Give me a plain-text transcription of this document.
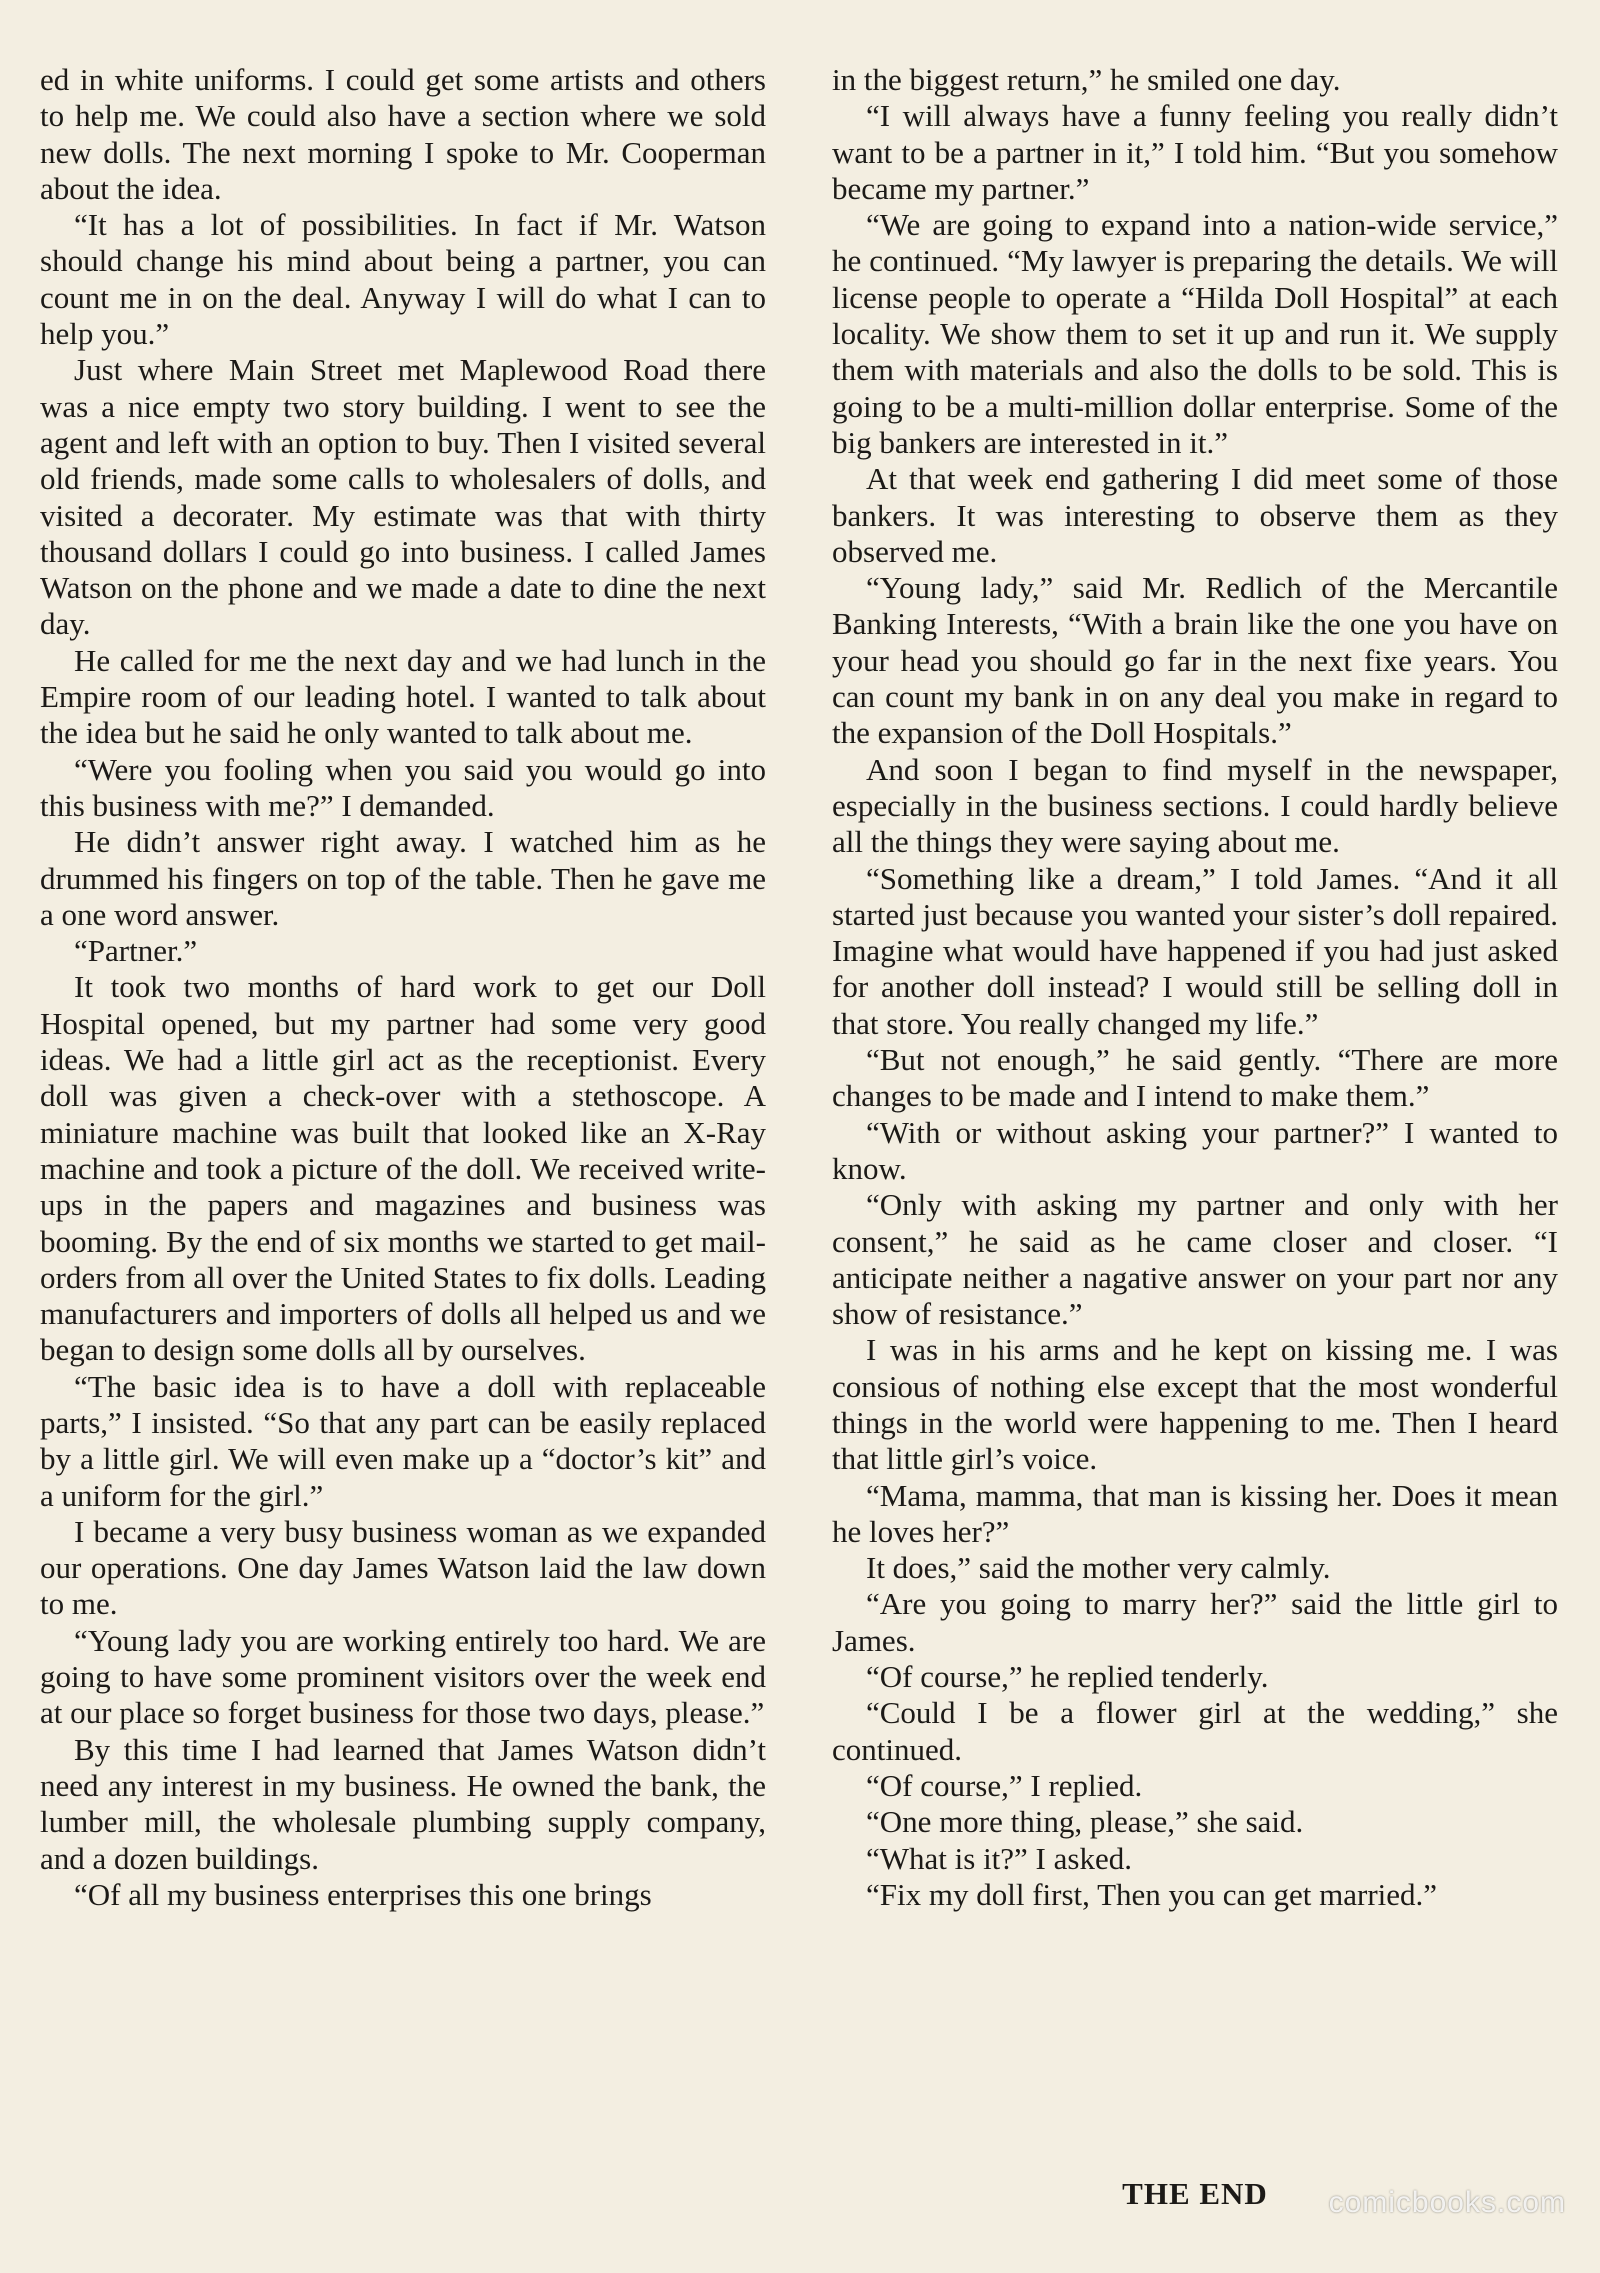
ed in white uniforms. I could get some artists and others to help me. We could also have a section where we sold new dolls. The next morning I spoke to Mr. Cooperman about the idea.

“It has a lot of possibilities. In fact if Mr. Watson should change his mind about being a partner, you can count me in on the deal. Anyway I will do what I can to help you.”

Just where Main Street met Maplewood Road there was a nice empty two story building. I went to see the agent and left with an option to buy. Then I visited several old friends, made some calls to wholesalers of dolls, and visited a decorater. My estimate was that with thirty thousand dollars I could go into business. I called James Watson on the phone and we made a date to dine the next day.

He called for me the next day and we had lunch in the Empire room of our leading hotel. I wanted to talk about the idea but he said he only wanted to talk about me.

“Were you fooling when you said you would go into this business with me?” I demanded.

He didn’t answer right away. I watched him as he drummed his fingers on top of the table. Then he gave me a one word answer.

“Partner.”

It took two months of hard work to get our Doll Hospital opened, but my partner had some very good ideas. We had a little girl act as the receptionist. Every doll was given a check-over with a stethoscope. A miniature machine was built that looked like an X-Ray machine and took a picture of the doll. We received write-ups in the papers and magazines and business was booming. By the end of six months we started to get mail-orders from all over the United States to fix dolls. Leading manufacturers and importers of dolls all helped us and we began to design some dolls all by ourselves.

“The basic idea is to have a doll with replaceable parts,” I insisted. “So that any part can be easily replaced by a little girl. We will even make up a “doctor’s kit” and a uniform for the girl.”

I became a very busy business woman as we expanded our operations. One day James Watson laid the law down to me.

“Young lady you are working entirely too hard. We are going to have some prominent visitors over the week end at our place so forget business for those two days, please.”

By this time I had learned that James Watson didn’t need any interest in my business. He owned the bank, the lumber mill, the wholesale plumbing supply company, and a dozen buildings.

“Of all my business enterprises this one brings

in the biggest return,” he smiled one day.

“I will always have a funny feeling you really didn’t want to be a partner in it,” I told him. “But you somehow became my partner.”

“We are going to expand into a nation-wide service,” he continued. “My lawyer is preparing the details. We will license people to operate a “Hilda Doll Hospital” at each locality. We show them to set it up and run it. We supply them with materials and also the dolls to be sold. This is going to be a multi-million dollar enterprise. Some of the big bankers are interested in it.”

At that week end gathering I did meet some of those bankers. It was interesting to observe them as they observed me.

“Young lady,” said Mr. Redlich of the Mercantile Banking Interests, “With a brain like the one you have on your head you should go far in the next fixe years. You can count my bank in on any deal you make in regard to the expansion of the Doll Hospitals.”

And soon I began to find myself in the newspaper, especially in the business sections. I could hardly believe all the things they were saying about me.

“Something like a dream,” I told James. “And it all started just because you wanted your sister’s doll repaired. Imagine what would have happened if you had just asked for another doll instead? I would still be selling doll in that store. You really changed my life.”

“But not enough,” he said gently. “There are more changes to be made and I intend to make them.”

“With or without asking your partner?” I wanted to know.

“Only with asking my partner and only with her consent,” he said as he came closer and closer. “I anticipate neither a nagative answer on your part nor any show of resistance.”

I was in his arms and he kept on kissing me. I was consious of nothing else except that the most wonderful things in the world were happening to me. Then I heard that little girl’s voice.

“Mama, mamma, that man is kissing her. Does it mean he loves her?”

It does,” said the mother very calmly.

“Are you going to marry her?” said the little girl to James.

“Of course,” he replied tenderly.

“Could I be a flower girl at the wedding,” she continued.

“Of course,” I replied.

“One more thing, please,” she said.

“What is it?” I asked.

“Fix my doll first, Then you can get married.”

THE END	comicbooks.com
